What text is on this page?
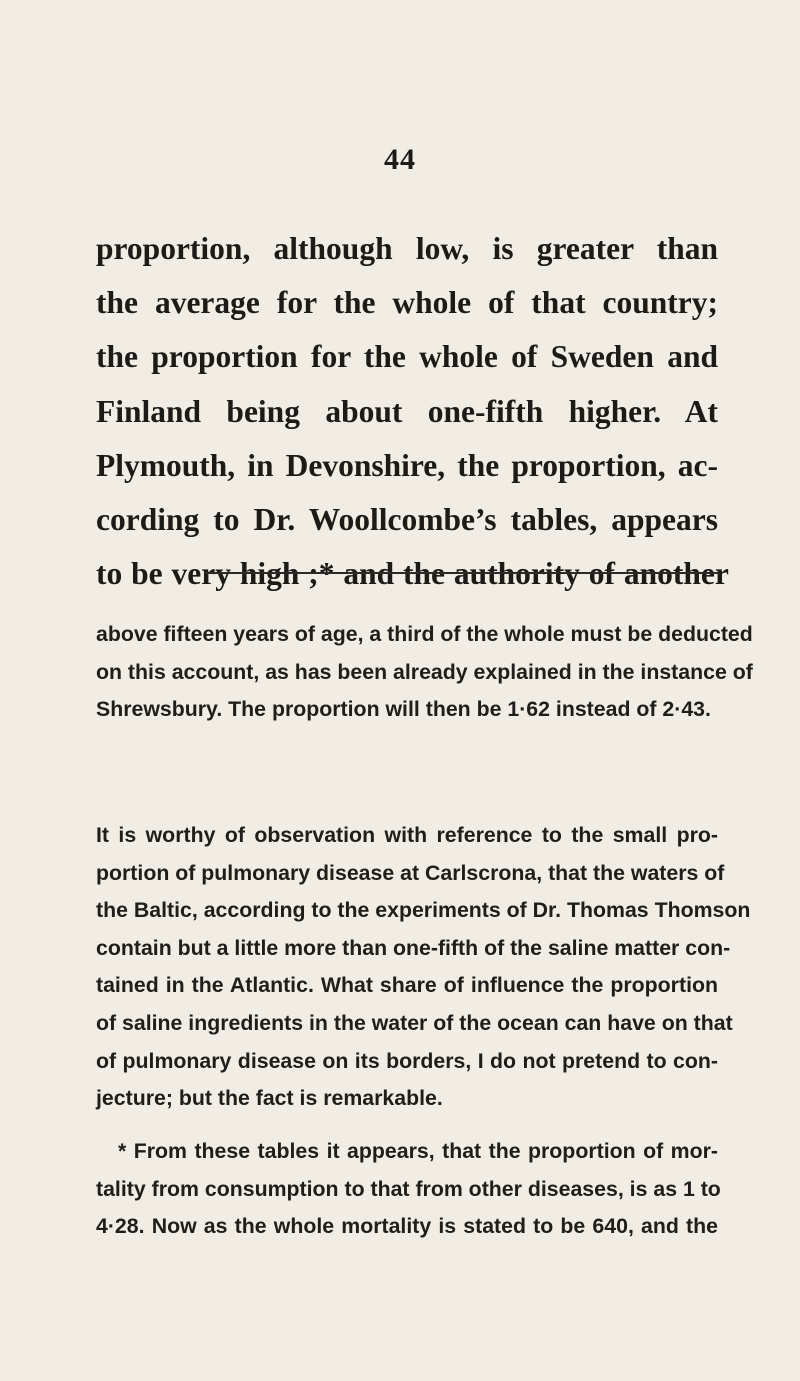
44
proportion, although low, is greater than
the average for the whole of that country;
the proportion for the whole of Sweden and
Finland being about one-fifth higher. At
Plymouth, in Devonshire, the proportion, ac-
cording to Dr. Woollcombe’s tables, appears
to be very high ;* and the authority of another
above fifteen years of age, a third of the whole must be deducted
on this account, as has been already explained in the instance of
Shrewsbury. The proportion will then be 1·62 instead of 2·43.
It is worthy of observation with reference to the small pro-
portion of pulmonary disease at Carlscrona, that the waters of
the Baltic, according to the experiments of Dr. Thomas Thomson
contain but a little more than one-fifth of the saline matter con-
tained in the Atlantic. What share of influence the proportion
of saline ingredients in the water of the ocean can have on that
of pulmonary disease on its borders, I do not pretend to con-
jecture; but the fact is remarkable.
* From these tables it appears, that the proportion of mor-
tality from consumption to that from other diseases, is as 1 to
4·28. Now as the whole mortality is stated to be 640, and the
